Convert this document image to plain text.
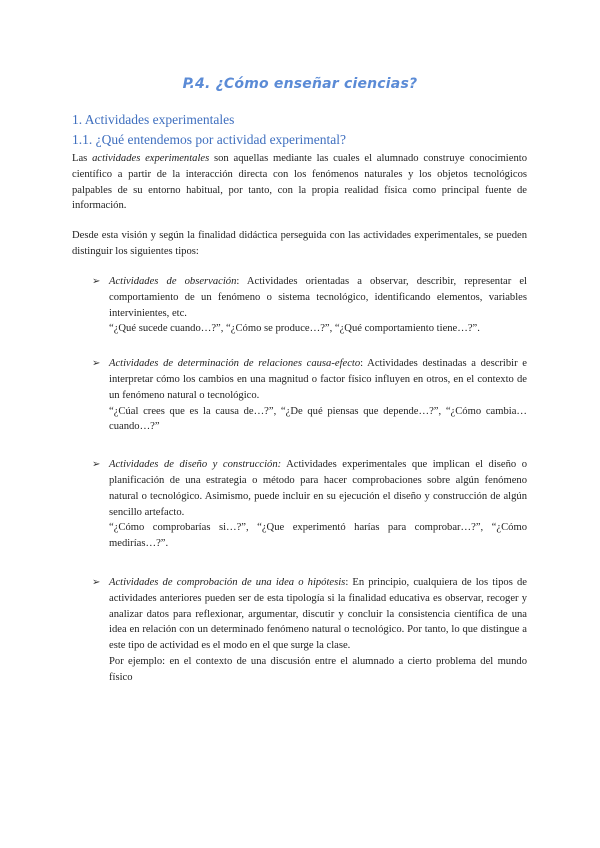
P.4. ¿Cómo enseñar ciencias?
1. Actividades experimentales
1.1. ¿Qué entendemos por actividad experimental?

Las actividades experimentales son aquellas mediante las cuales el alumnado construye conocimiento científico a partir de la interacción directa con los fenómenos naturales y los objetos tecnológicos palpables de su entorno habitual, por tanto, con la propia realidad física como principal fuente de información.

Desde esta visión y según la finalidad didáctica perseguida con las actividades experimentales, se pueden distinguir los siguientes tipos:

➢ Actividades de observación: Actividades orientadas a observar, describir, representar el comportamiento de un fenómeno o sistema tecnológico, identificando elementos, variables intervinientes, etc.

“¿Qué sucede cuando…?”, “¿Cómo se produce…?”, “¿Qué comportamiento tiene…?”.

➢ Actividades de determinación de relaciones causa-efecto: Actividades destinadas a describir e interpretar cómo los cambios en una magnitud o factor físico influyen en otros, en el contexto de un fenómeno natural o tecnológico.

“¿Cúal crees que es la causa de…?”, “¿De qué piensas que depende…?”, “¿Cómo cambia… cuando…?”

➢ Actividades de diseño y construcción: Actividades experimentales que implican el diseño o planificación de una estrategia o método para hacer comprobaciones sobre algún fenómeno natural o tecnológico. Asimismo, puede incluir en su ejecución el diseño y construcción de algún sencillo artefacto.

“¿Cómo comprobarías si…?”, “¿Que experimentó harías para comprobar…?”, “¿Cómo medirías…?”.

➢ Actividades de comprobación de una idea o hipótesis: En principio, cualquiera de los tipos de actividades anteriores pueden ser de esta tipología si la finalidad educativa es observar, recoger y analizar datos para reflexionar, argumentar, discutir y concluir la consistencia científica de una idea en relación con un determinado fenómeno natural o tecnológico. Por tanto, lo que distingue a este tipo de actividad es el modo en el que surge la clase.

Por ejemplo: en el contexto de una discusión entre el alumnado a cierto problema del mundo físico
